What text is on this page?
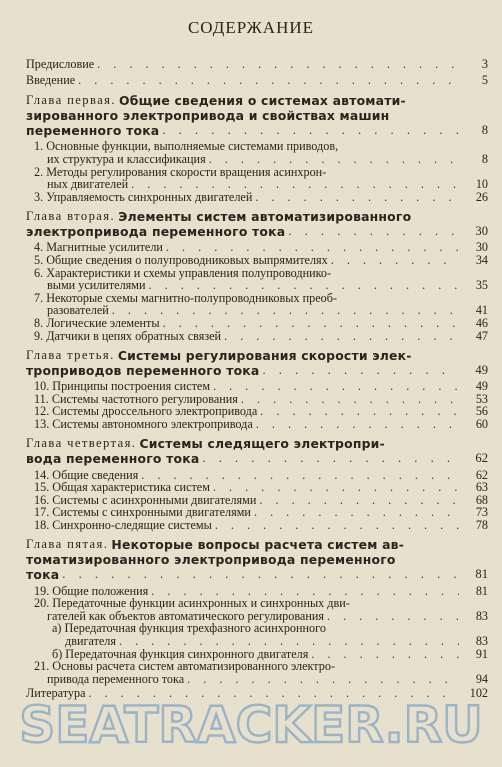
СОДЕРЖАНИЕ
Предисловие . . .	3
Введение . . .	5
Глава первая.
Общие сведения о системах автомати-
зированного электропривода и свойствах машин
переменного тока . . .	8
1. Основные функции, выполняемые системами приводов,
их структура и классификация . . .	8
2. Методы регулирования скорости вращения асинхрон-
ных двигателей . . .	10
3. Управляемость синхронных двигателей . . .	26
Глава вторая.
Элементы систем автоматизированного
электропривода переменного тока . . .	30
4. Магнитные усилители . . .	30
5. Общие сведения о полупроводниковых выпрямителях . . .	34
6. Характеристики и схемы управления полупроводнико-
выми усилителями . . .	35
7. Некоторые схемы магнитно-полупроводниковых преоб-
разователей . . .	41
8. Логические элементы . . .	46
9. Датчики в цепях обратных связей . . .	47
Глава третья.
Системы регулирования скорости элек-
троприводов переменного тока . . .	49
10. Принципы построения систем . . .	49
11. Системы частотного регулирования . . .	53
12. Системы дроссельного электропривода . . .	56
13. Системы автономного электропривода . . .	60
Глава четвертая.
Системы следящего электропри-
вода переменного тока . . .	62
14. Общие сведения . . .	62
15. Общая характеристика систем . . .	63
16. Системы с асинхронными двигателями . . .	68
17. Системы с синхронными двигателями . . .	73
18. Синхронно-следящие системы . . .	78
Глава пятая.
Некоторые вопросы расчета систем ав-
томатизированного электропривода переменного
тока . . .	81
19. Общие положения . . .	81
20. Передаточные функции асинхронных и синхронных дви-
гателей как объектов автоматического регулирования . . .	83
а) Передаточная функция трехфазного асинхронного
двигателя . . .	83
б) Передаточная функция синхронного двигателя . . .	91
21. Основы расчета систем автоматизированного электро-
привода переменного тока . . .	94
Литература . . .	102
SEATRACKER.RU
